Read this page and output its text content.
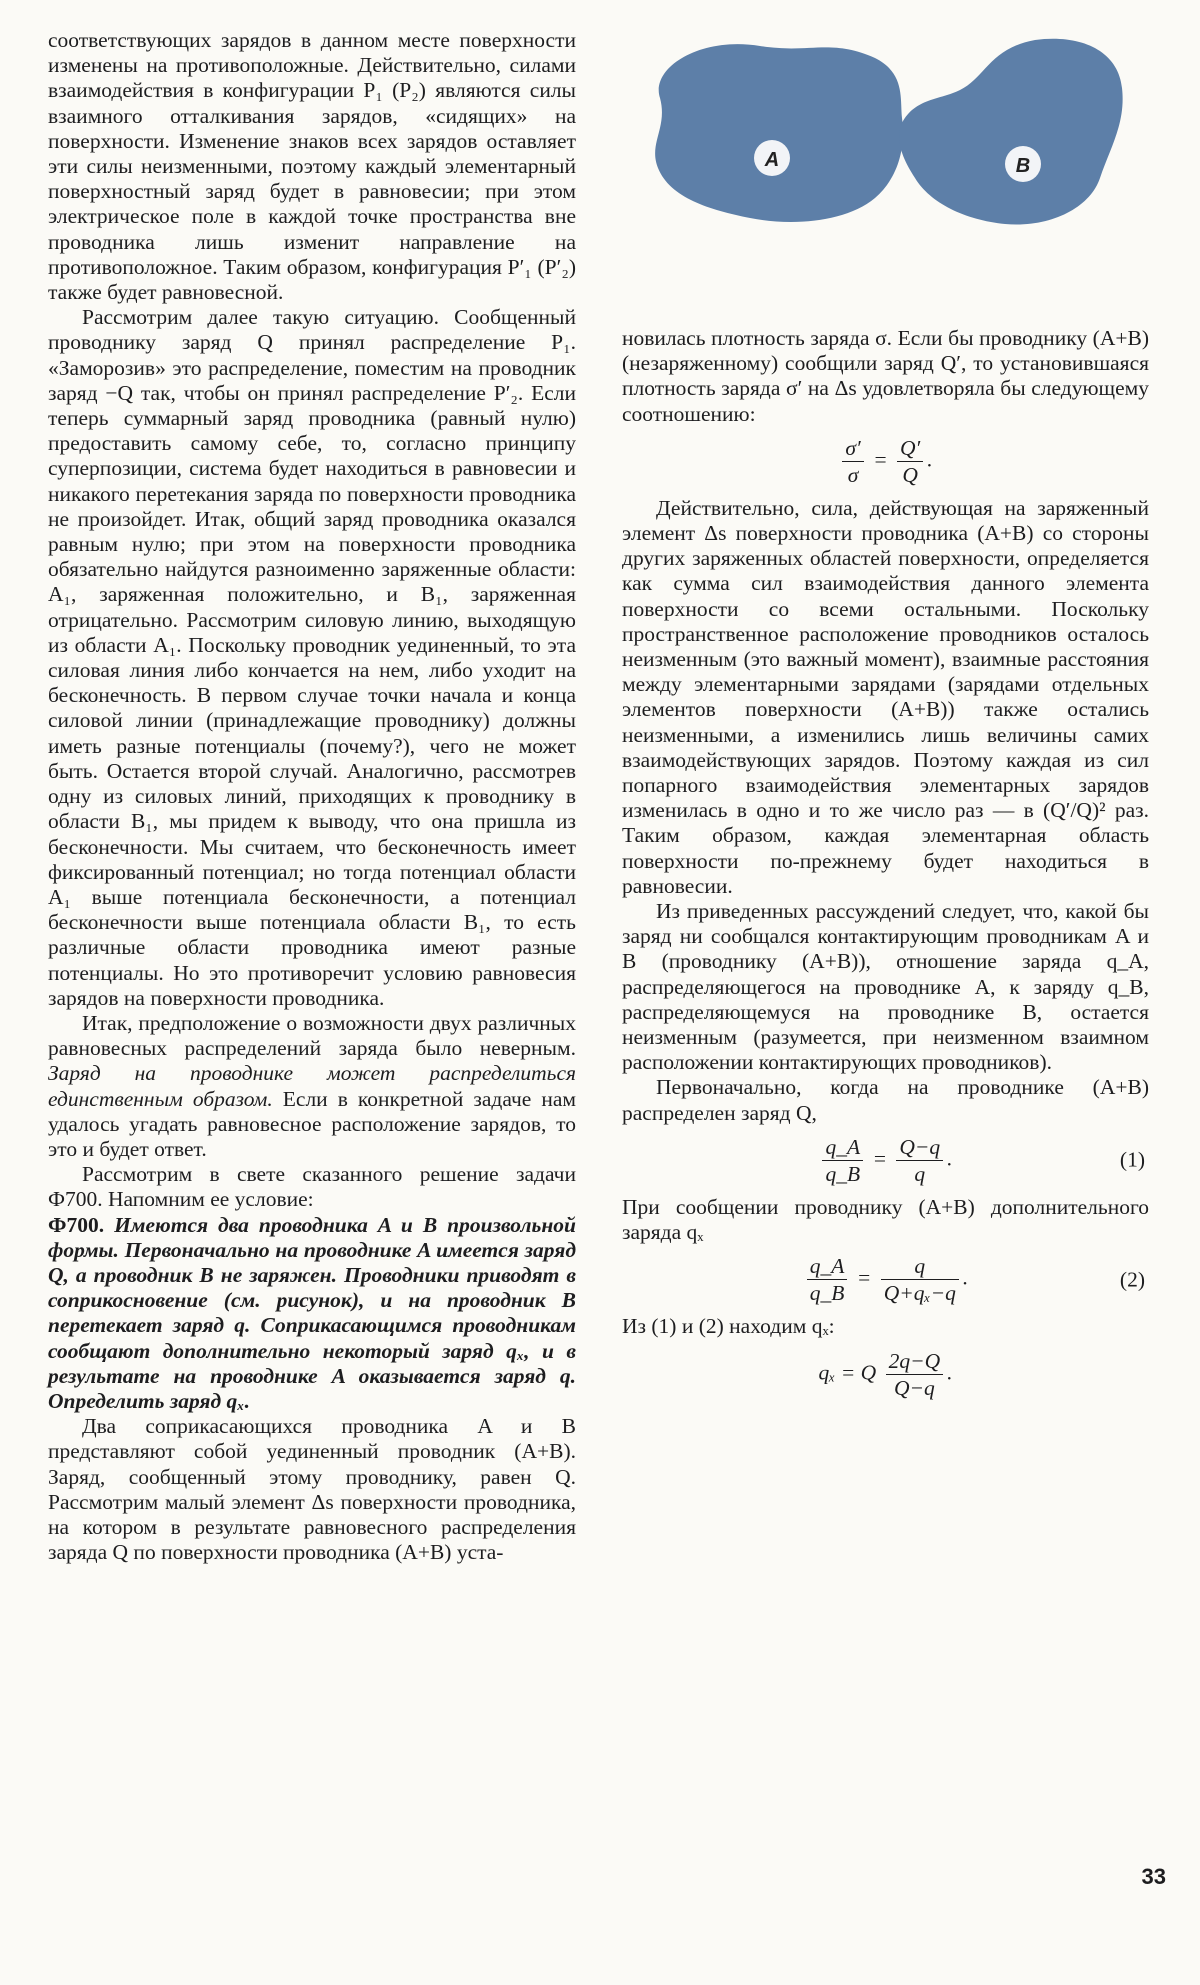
соответствующих зарядов в данном месте поверхности изменены на противоположные. Действительно, силами взаимодействия в конфигурации P₁ (P₂) являются силы взаимного отталкивания зарядов, «сидящих» на поверхности. Изменение знаков всех зарядов оставляет эти силы неизменными, поэтому каждый элементарный поверхностный заряд будет в равновесии; при этом электрическое поле в каждой точке пространства вне проводника лишь изменит направление на противоположное. Таким образом, конфигурация P′₁ (P′₂) также будет равновесной.

Рассмотрим далее такую ситуацию. Сообщенный проводнику заряд Q принял распределение P₁. «Заморозив» это распределение, поместим на проводник заряд −Q так, чтобы он принял распределение P′₂. Если теперь суммарный заряд проводника (равный нулю) предоставить самому себе, то, согласно принципу суперпозиции, система будет находиться в равновесии и никакого перетекания заряда по поверхности проводника не произойдет. Итак, общий заряд проводника оказался равным нулю; при этом на поверхности проводника обязательно найдутся разноименно заряженные области: A₁, заряженная положительно, и B₁, заряженная отрицательно. Рассмотрим силовую линию, выходящую из области A₁. Поскольку проводник уединенный, то эта силовая линия либо кончается на нем, либо уходит на бесконечность. В первом случае точки начала и конца силовой линии (принадлежащие проводнику) должны иметь разные потенциалы (почему?), чего не может быть. Остается второй случай. Аналогично, рассмотрев одну из силовых линий, приходящих к проводнику в области B₁, мы придем к выводу, что она пришла из бесконечности. Мы считаем, что бесконечность имеет фиксированный потенциал; но тогда потенциал области A₁ выше потенциала бесконечности, а потенциал бесконечности выше потенциала области B₁, то есть различные области проводника имеют разные потенциалы. Но это противоречит условию равновесия зарядов на поверхности проводника.

Итак, предположение о возможности двух различных равновесных распределений заряда было неверным. Заряд на проводнике может распределиться единственным образом. Если в конкретной задаче нам удалось угадать равновесное расположение зарядов, то это и будет ответ.

Рассмотрим в свете сказанного решение задачи Ф700. Напомним ее условие:

Ф700. Имеются два проводника A и B произвольной формы. Первоначально на проводнике A имеется заряд Q, а проводник B не заряжен. Проводники приводят в соприкосновение (см. рисунок), и на проводник B перетекает заряд q. Соприкасающимся проводникам сообщают дополнительно некоторый заряд qₓ, и в результате на проводнике A оказывается заряд q. Определить заряд qₓ.

Два соприкасающихся проводника A и B представляют собой уединенный проводник (A+B). Заряд, сообщенный этому проводнику, равен Q. Рассмотрим малый элемент Δs поверхности проводника, на котором в результате равновесного распределения заряда Q по поверхности проводника (A+B) уста-

A	B

новилась плотность заряда σ. Если бы проводнику (A+B) (незаряженному) сообщили заряд Q′, то установившаяся плотность заряда σ′ на Δs удовлетворяла бы следующему соотношению:

$\frac{\sigma'}{\sigma} = \frac{Q'}{Q}$ .

Действительно, сила, действующая на заряженный элемент Δs поверхности проводника (A+B) со стороны других заряженных областей поверхности, определяется как сумма сил взаимодействия данного элемента поверхности со всеми остальными. Поскольку пространственное расположение проводников осталось неизменным (это важный момент), взаимные расстояния между элементарными зарядами (зарядами отдельных элементов поверхности (A+B)) также остались неизменными, а изменились лишь величины самих взаимодействующих зарядов. Поэтому каждая из сил попарного взаимодействия элементарных зарядов изменилась в одно и то же число раз — в (Q′/Q)² раз. Таким образом, каждая элементарная область поверхности по-прежнему будет находиться в равновесии.

Из приведенных рассуждений следует, что, какой бы заряд ни сообщался контактирующим проводникам A и B (проводнику (A+B)), отношение заряда q_A, распределяющегося на проводнике A, к заряду q_B, распределяющемуся на проводнике B, остается неизменным (разумеется, при неизменном взаимном расположении контактирующих проводников).

Первоначально, когда на проводнике (A+B) распределен заряд Q,

$\frac{q\_A}{q\_B} = \frac{Q-q}{q}$ .	(1)

При сообщении проводнику (A+B) дополнительного заряда qₓ

$\frac{q\_A}{q\_B} = \frac{q}{\text{Q+qₓ−q}}$ .	(2)

Из (1) и (2) находим qₓ:

qₓ = Q $\frac{2q-Q}{Q-q}$ .
33
